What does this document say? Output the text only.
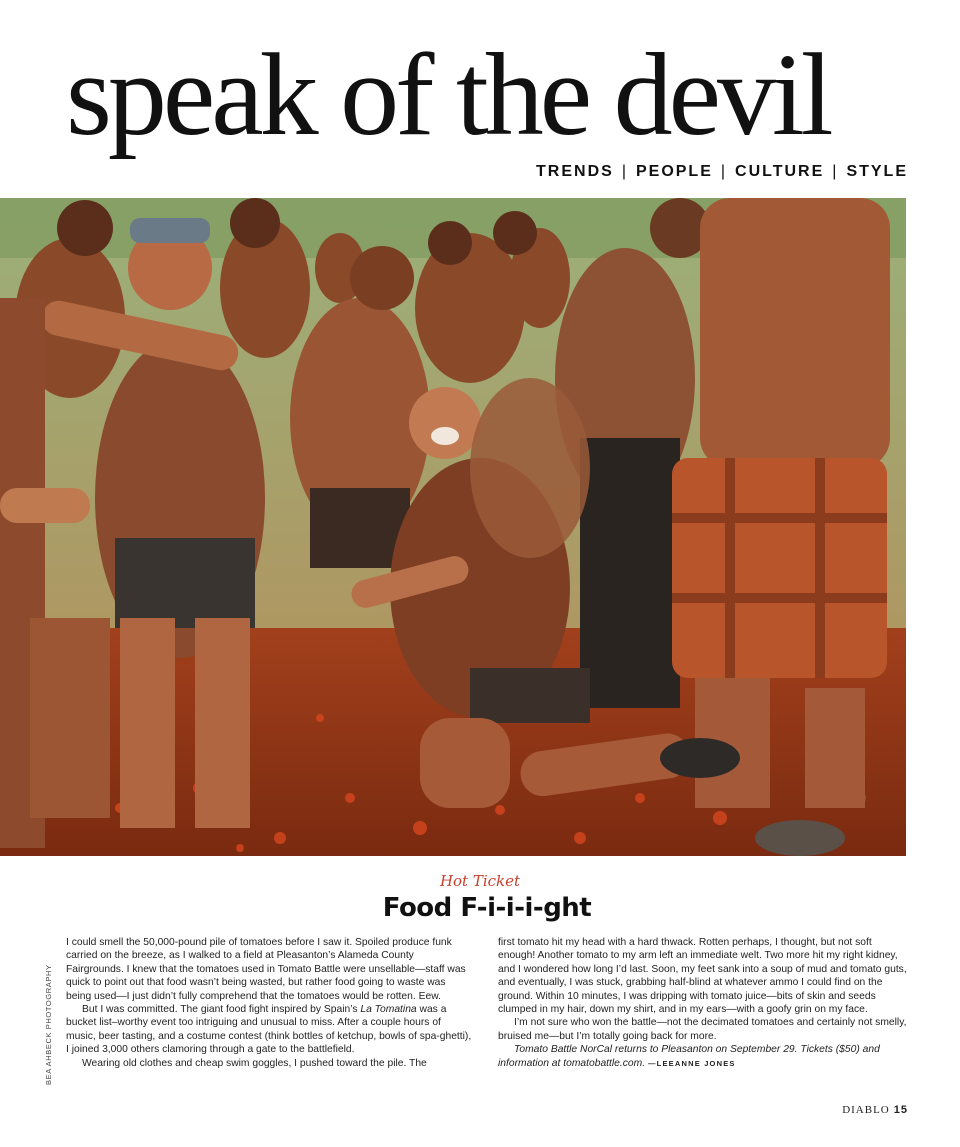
speak of the devil
TRENDS | PEOPLE | CULTURE | STYLE
BEA AHBECK PHOTOGRAPHY
Hot Ticket
Food F-i-i-i-ght

I could smell the 50,000-pound pile of tomatoes before I saw it. Spoiled produce funk carried on the breeze, as I walked to a field at Pleasanton’s Alameda County Fairgrounds. I knew that the tomatoes used in Tomato Battle were unsellable—staff was quick to point out that food wasn’t being wasted, but rather food going to waste was being used—I just didn’t fully comprehend that the tomatoes would be rotten. Eew.

But I was committed. The giant food fight inspired by Spain’s La Tomatina was a bucket list–worthy event too intriguing and unusual to miss. After a couple hours of music, beer tasting, and a costume contest (think bottles of ketchup, bowls of spa-ghetti), I joined 3,000 others clamoring through a gate to the battlefield.

Wearing old clothes and cheap swim goggles, I pushed toward the pile. The

first tomato hit my head with a hard thwack. Rotten perhaps, I thought, but not soft enough! Another tomato to my arm left an immediate welt. Two more hit my right kidney, and I wondered how long I’d last. Soon, my feet sank into a soup of mud and tomato guts, and eventually, I was stuck, grabbing half-blind at whatever ammo I could find on the ground. Within 10 minutes, I was dripping with tomato juice—bits of skin and seeds clumped in my hair, down my shirt, and in my ears—with a goofy grin on my face.

I’m not sure who won the battle—not the decimated tomatoes and certainly not smelly, bruised me—but I’m totally going back for more.

Tomato Battle NorCal returns to Pleasanton on September 29. Tickets ($50) and information at tomatobattle.com. —LEEANNE JONES

DIABLO 15
